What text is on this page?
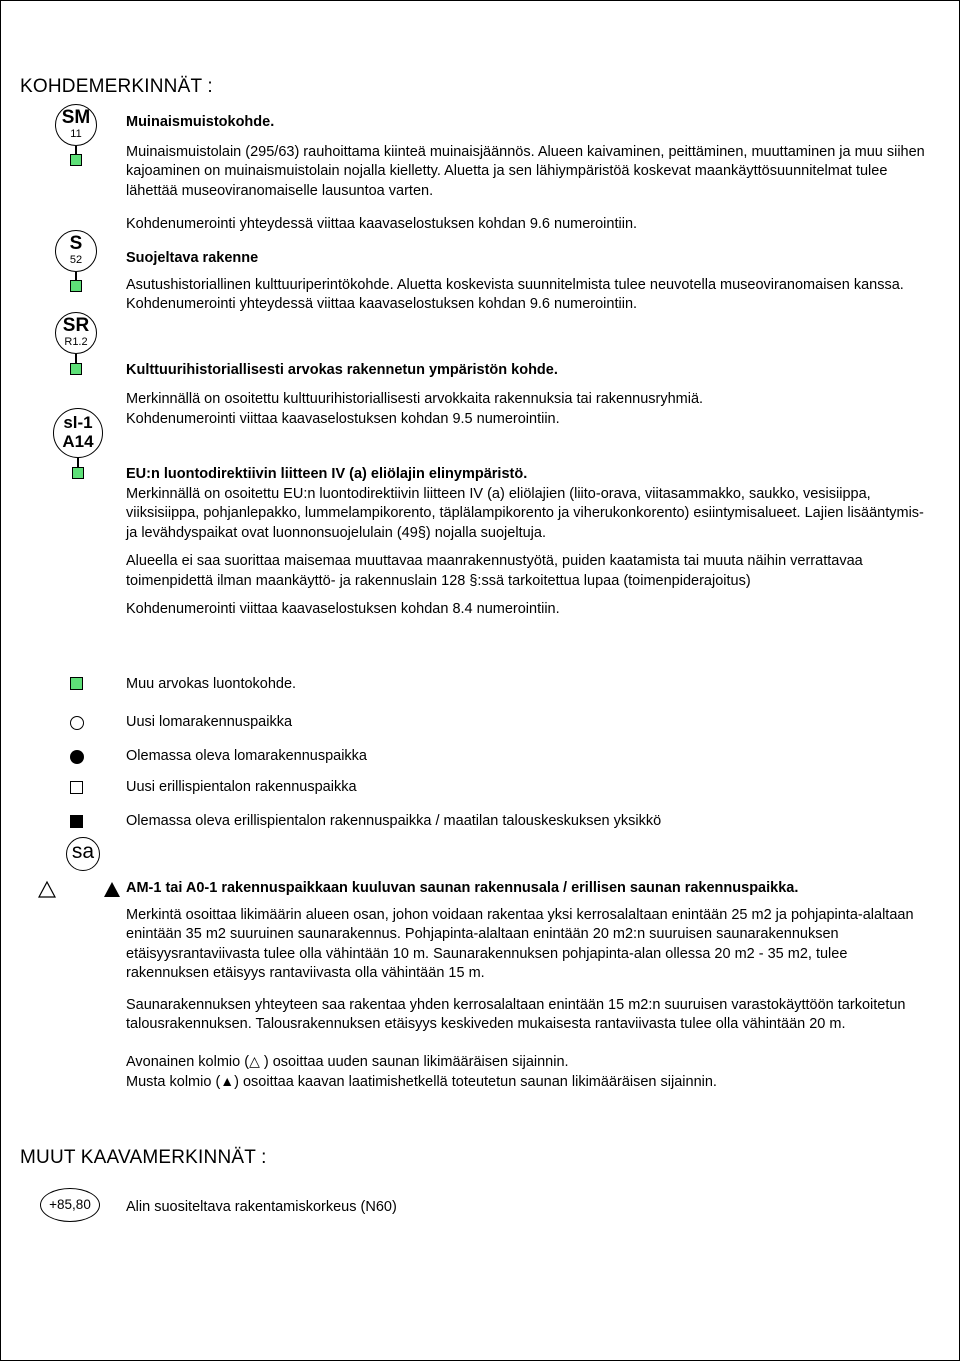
KOHDEMERKINNÄT :
SM
11

Muinaismuistokohde.

Muinaismuistolain (295/63) rauhoittama kiinteä muinaisjäännös. Alueen kaivaminen, peittäminen, muuttaminen ja muu siihen kajoaminen on muinaismuistolain nojalla kielletty. Aluetta ja sen lähiympäristöä koskevat maankäyttösuunnitelmat tulee lähettää museoviranomaiselle lausuntoa varten.

Kohdenumerointi yhteydessä viittaa kaavaselostuksen kohdan 9.6 numerointiin.

S
52	Suojeltava rakenne

Asutushistoriallinen kulttuuriperintökohde. Aluetta koskevista suunnitelmista tulee neuvotella museoviranomaisen kanssa.

Kohdenumerointi yhteydessä viittaa kaavaselostuksen kohdan 9.6 numerointiin.

SR
R1.2

Kulttuurihistoriallisesti arvokas rakennetun ympäristön kohde.

Merkinnällä on osoitettu kulttuurihistoriallisesti arvokkaita rakennuksia tai rakennusryhmiä.

Kohdenumerointi viittaa kaavaselostuksen kohdan 9.5 numerointiin.

sl-1
A14

EU:n luontodirektiivin liitteen IV (a) eliölajin elinympäristö.

Merkinnällä on osoitettu EU:n luontodirektiivin liitteen IV (a) eliölajien (liito-orava, viitasammakko, saukko, vesisiippa, viiksisiippa, pohjanlepakko, lummelampikorento, täplälampikorento ja viherukonkorento) esiintymisalueet. Lajien lisääntymis- ja levähdyspaikat ovat luonnonsuojelulain (49§) nojalla suojeltuja.

Alueella ei saa suorittaa maisemaa muuttavaa maanrakennustyötä, puiden kaatamista tai muuta näihin verrattavaa toimenpidettä ilman maankäyttö- ja rakennuslain 128 §:ssä tarkoitettua lupaa (toimenpiderajoitus)

Kohdenumerointi viittaa kaavaselostuksen kohdan 8.4 numerointiin.

Muu arvokas luontokohde.
Uusi lomarakennuspaikka
Olemassa oleva lomarakennuspaikka
Uusi erillispientalon rakennuspaikka
Olemassa oleva erillispientalon rakennuspaikka / maatilan talouskeskuksen yksikkö
sa

AM-1 tai A0-1 rakennuspaikkaan kuuluvan saunan rakennusala / erillisen saunan rakennuspaikka.

Merkintä osoittaa likimäärin alueen osan, johon voidaan rakentaa yksi kerrosalaltaan enintään 25 m2 ja pohjapinta-alaltaan enintään 35 m2 suuruinen saunarakennus. Pohjapinta-alaltaan enintään 20 m2:n suuruisen saunarakennuksen etäisyysrantaviivasta tulee olla vähintään 10 m. Saunarakennuksen pohjapinta-alan ollessa 20 m2 - 35 m2, tulee rakennuksen etäisyys rantaviivasta olla vähintään 15 m.

Saunarakennuksen yhteyteen saa rakentaa yhden kerrosalaltaan enintään 15 m2:n suuruisen varastokäyttöön tarkoitetun talousrakennuksen. Talousrakennuksen etäisyys keskiveden mukaisesta rantaviivasta tulee olla vähintään 20 m.

Avonainen kolmio (△ ) osoittaa uuden saunan likimääräisen sijainnin.

Musta kolmio (▲) osoittaa kaavan laatimishetkellä toteutetun saunan likimääräisen sijainnin.

MUUT KAAVAMERKINNÄT :
+85,80	Alin suositeltava rakentamiskorkeus (N60)
